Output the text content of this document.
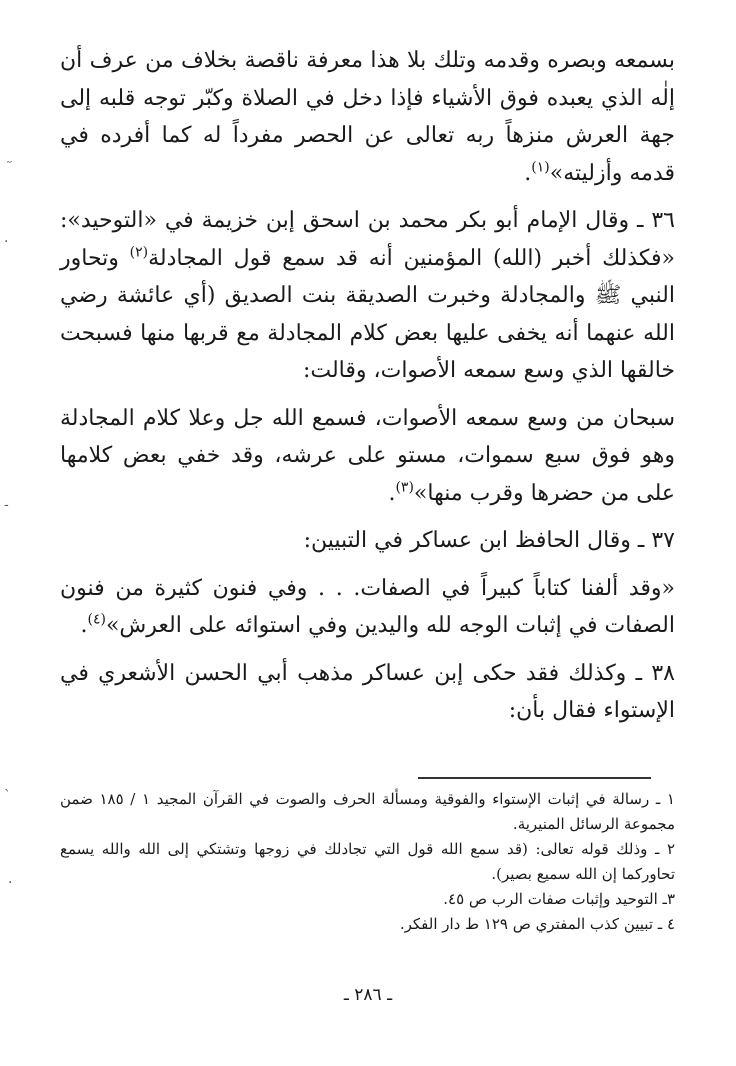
بسمعه وبصره وقدمه وتلك بلا هذا معرفة ناقصة بخلاف من عرف أن إلٰه الذي يعبده فوق الأشياء فإذا دخل في الصلاة وكبّر توجه قلبه إلى جهة العرش منزهاً ربه تعالى عن الحصر مفرداً له كما أفرده في قدمه وأزليته»$^{(١)}$.

٣٦ ـ وقال الإمام أبو بكر محمد بن اسحق إبن خزيمة في «التوحيد»: «فكذلك أخبر (الله) المؤمنين أنه قد سمع قول المجادلة$^{(٢)}$ وتحاور النبي ﷺ والمجادلة وخبرت الصديقة بنت الصديق (أي عائشة رضي الله عنهما أنه يخفى عليها بعض كلام المجادلة مع قربها منها فسبحت خالقها الذي وسع سمعه الأصوات، وقالت:

سبحان من وسع سمعه الأصوات، فسمع الله جل وعلا كلام المجادلة وهو فوق سبع سموات، مستو على عرشه، وقد خفي بعض كلامها على من حضرها وقرب منها»$^{(٣)}$.

٣٧ ـ وقال الحافظ ابن عساكر في التبيين:

«وقد ألفنا كتاباً كبيراً في الصفات. . . وفي فنون كثيرة من فنون الصفات في إثبات الوجه لله واليدين وفي استوائه على العرش»$^{(٤)}$.

٣٨ ـ وكذلك فقد حكى إبن عساكر مذهب أبي الحسن الأشعري في الإستواء فقال بأن:

١ ـ رسالة في إثبات الإستواء والفوقية ومسألة الحرف والصوت في القرآن المجيد ١ / ١٨٥ ضمن مجموعة الرسائل المنيرية.

٢ ـ وذلك قوله تعالى: (قد سمع الله قول التي تجادلك في زوجها وتشتكي إلى الله والله يسمع تحاوركما إن الله سميع بصير).

٣ـ التوحيد وإثبات صفات الرب ص ٤٥.

٤ ـ تبيين كذب المفتري ص ١٢٩ ط دار الفكر.

ـ ٢٨٦ ـ
·
-
`
·
